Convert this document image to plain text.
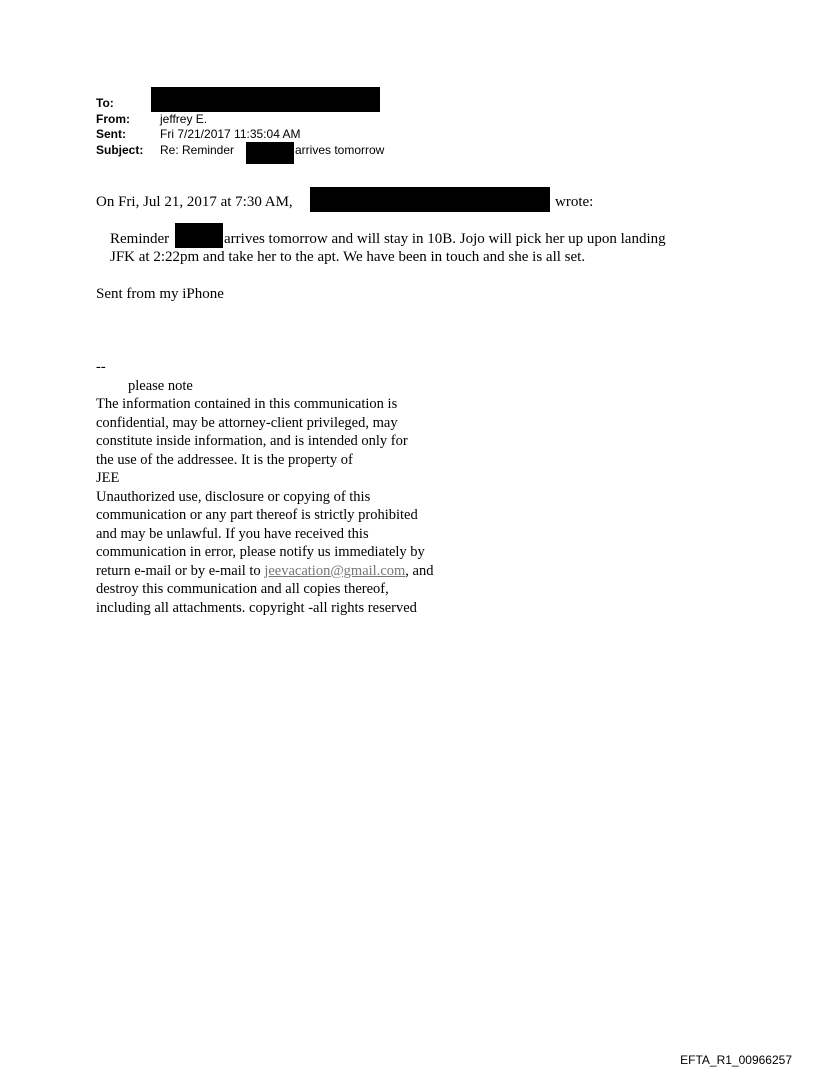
To:
From:	jeffrey E.
Sent:	Fri 7/21/2017 11:35:04 AM
Subject: Re: Reminder	arrives tomorrow
On Fri, Jul 21, 2017 at 7:30 AM,	wrote:
Reminder	arrives tomorrow and will stay in 10B. Jojo will pick her up upon landing
JFK at 2:22pm and take her to the apt. We have been in touch and she is all set.
Sent from my iPhone
--
please note
The information contained in this communication is
confidential, may be attorney-client privileged, may
constitute inside information, and is intended only for
the use of the addressee. It is the property of
JEE
Unauthorized use, disclosure or copying of this
communication or any part thereof is strictly prohibited
and may be unlawful. If you have received this
communication in error, please notify us immediately by
return e-mail or by e-mail to jeevacation@gmail.com, and
destroy this communication and all copies thereof,
including all attachments. copyright -all rights reserved
EFTA_R1_00966257
